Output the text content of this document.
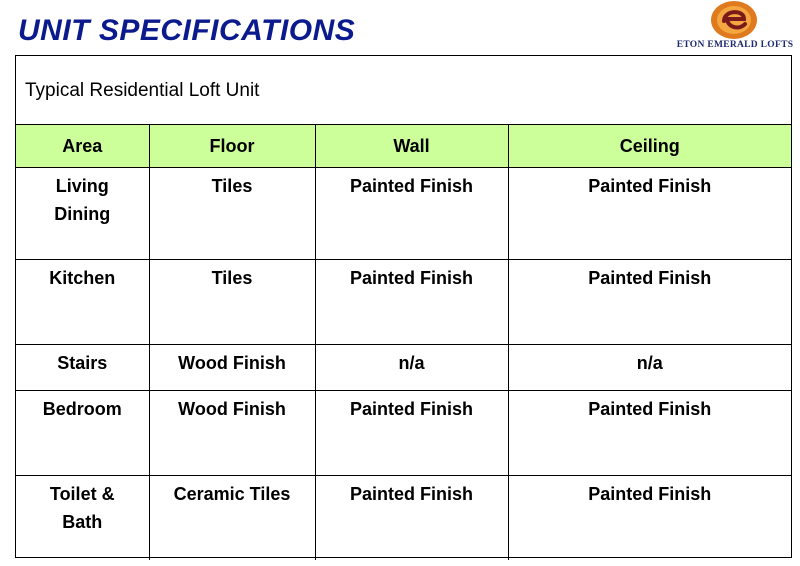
UNIT SPECIFICATIONS	ETON EMERALD LOFTS
Typical Residential Loft Unit
Area	Floor	Wall	Ceiling

Living
Dining	Tiles	Painted Finish	Painted Finish

Kitchen	Tiles	Painted Finish	Painted Finish

Stairs	Wood Finish	n/a	n/a

Bedroom	Wood Finish	Painted Finish	Painted Finish

Toilet &
Bath	Ceramic Tiles	Painted Finish	Painted Finish
